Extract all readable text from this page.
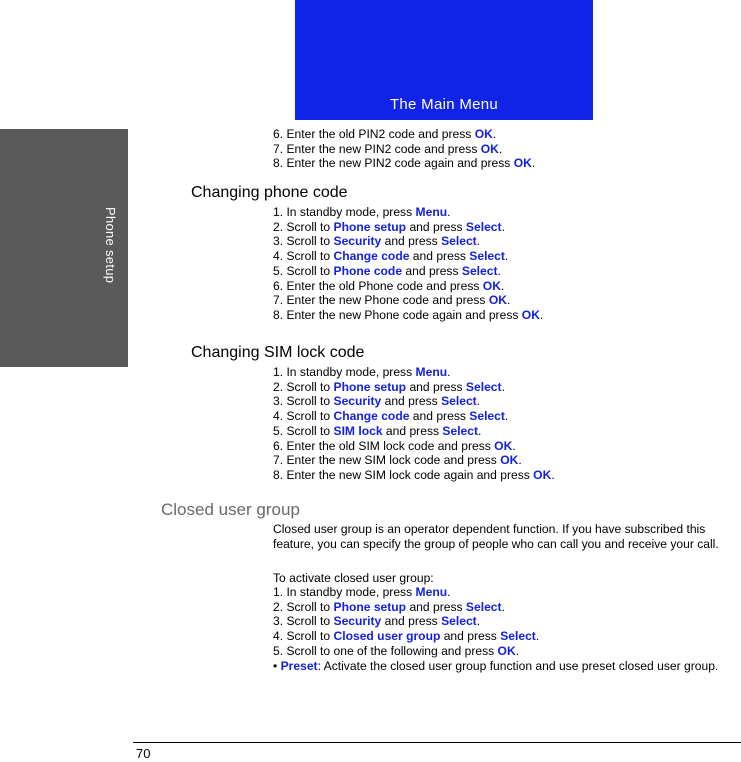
Phone setup
The Main Menu
6. Enter the old PIN2 code and press OK.
7. Enter the new PIN2 code and press OK.
8. Enter the new PIN2 code again and press OK.
Changing phone code
1. In standby mode, press Menu.
2. Scroll to Phone setup and press Select.
3. Scroll to Security and press Select.
4. Scroll to Change code and press Select.
5. Scroll to Phone code and press Select.
6. Enter the old Phone code and press OK.
7. Enter the new Phone code and press OK.
8. Enter the new Phone code again and press OK.
Changing SIM lock code
1. In standby mode, press Menu.
2. Scroll to Phone setup and press Select.
3. Scroll to Security and press Select.
4. Scroll to Change code and press Select.
5. Scroll to SIM lock and press Select.
6. Enter the old SIM lock code and press OK.
7. Enter the new SIM lock code and press OK.
8. Enter the new SIM lock code again and press OK.
Closed user group

Closed user group is an operator dependent function. If you have subscribed this feature, you can specify the group of people who can call you and receive your call.

To activate closed user group:

1. In standby mode, press Menu.
2. Scroll to Phone setup and press Select.
3. Scroll to Security and press Select.
4. Scroll to Closed user group and press Select.
5. Scroll to one of the following and press OK.
• Preset: Activate the closed user group function and use preset closed user group.
70
